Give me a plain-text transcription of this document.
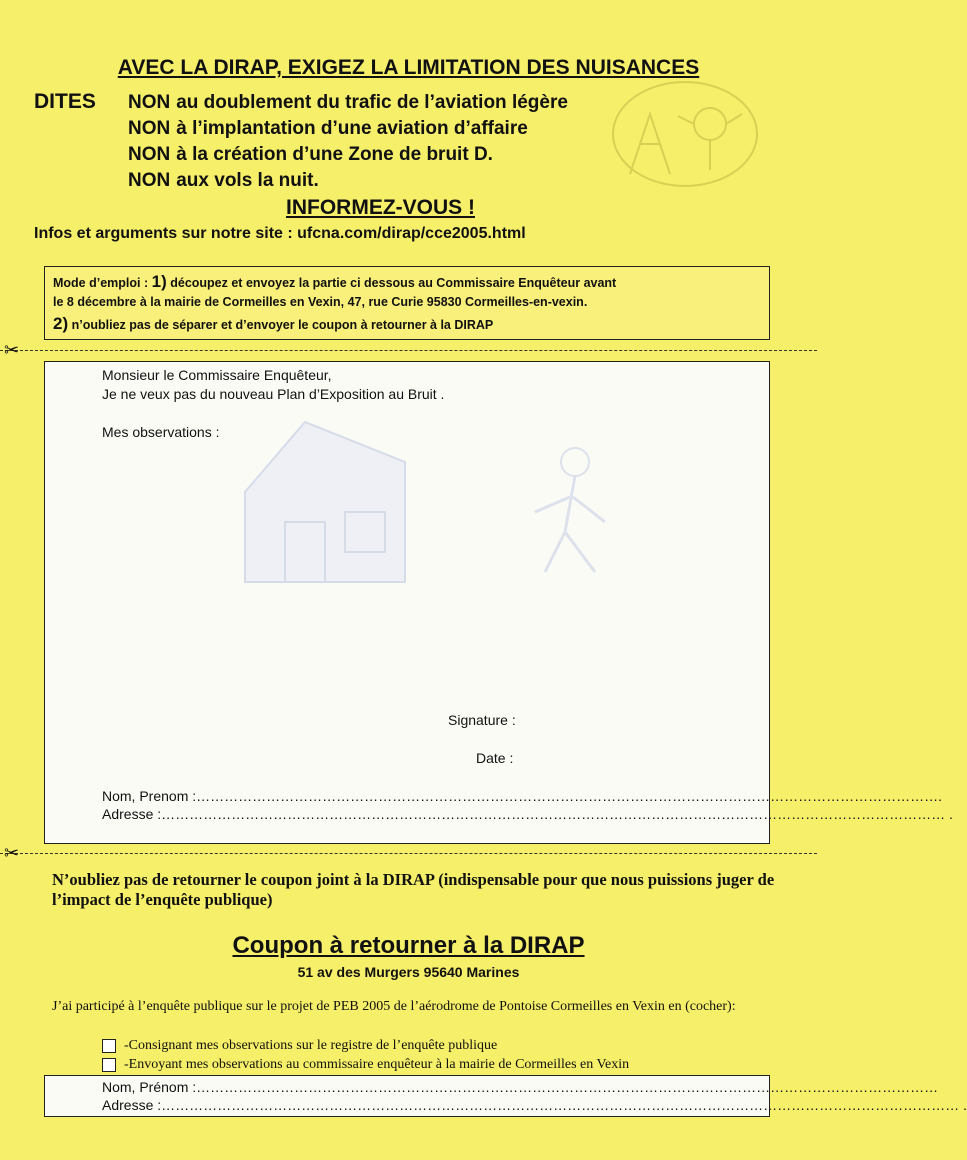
AVEC LA DIRAP, EXIGEZ LA LIMITATION DES NUISANCES
DITES NON au doublement du trafic de l’aviation légère
NON à l’implantation d’une aviation d’affaire
NON à la création d’une Zone de bruit D.
NON aux vols la nuit.
INFORMEZ-VOUS !
Infos et arguments sur notre site : ufcna.com/dirap/cce2005.html
Mode d’emploi : 1) découpez et envoyez la partie ci dessous au Commissaire Enquêteur avant
le 8 décembre à la mairie de Cormeilles en Vexin, 47, rue Curie 95830 Cormeilles-en-vexin.
2) n’oubliez pas de séparer et d’envoyer le coupon à retourner à la DIRAP
✂
Monsieur le Commissaire Enquêteur,
Je ne veux pas du nouveau Plan d’Exposition au Bruit .
Mes observations :
Signature :
Date :
Nom, Prenom :…………………………………………………………………………………………………………………………………………….
Adresse :…………………………………………………………………………………………………………………………………………………… .
✂
N’oubliez pas de retourner le coupon joint à la DIRAP (indispensable pour que nous puissions juger de l’impact de l’enquête publique)
Coupon à retourner à la DIRAP
51 av des Murgers 95640 Marines
J’ai participé à l’enquête publique sur le projet de PEB 2005 de l’aérodrome de Pontoise Cormeilles en Vexin en (cocher):
-Consignant mes observations sur le registre de l’enquête publique
-Envoyant mes observations au commissaire enquêteur à la mairie de Cormeilles en Vexin
Nom, Prénom :……………………………………………………………………………………………………………………………………………
Adresse :……………………………………………………………………………………………………………………………………………………… .
